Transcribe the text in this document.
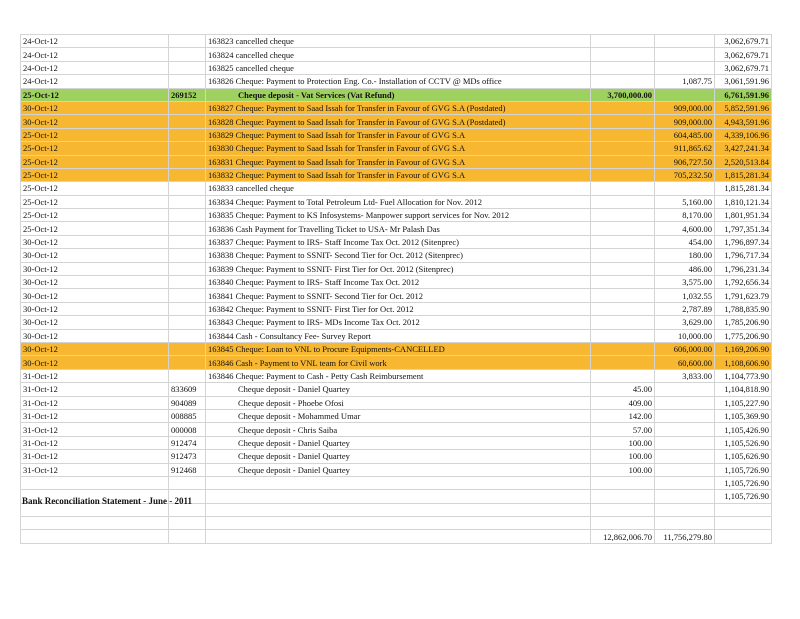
24-Oct-12		163823 cancelled cheque			3,062,679.71
24-Oct-12		163824 cancelled cheque			3,062,679.71
24-Oct-12		163825 cancelled cheque			3,062,679.71
24-Oct-12		163826 Cheque: Payment to Protection Eng. Co.- Installation of CCTV @ MDs office		1,087.75	3,061,591.96
25-Oct-12	269152	Cheque deposit - Vat Services (Vat Refund)	3,700,000.00		6,761,591.96
30-Oct-12		163827 Cheque: Payment to Saad Issah for Transfer in Favour of GVG S.A (Postdated)		909,000.00	5,852,591.96
30-Oct-12		163828 Cheque: Payment to Saad Issah for Transfer in Favour of GVG S.A (Postdated)		909,000.00	4,943,591.96
25-Oct-12		163829 Cheque: Payment to Saad Issah for Transfer in Favour of GVG S.A		604,485.00	4,339,106.96
25-Oct-12		163830 Cheque: Payment to Saad Issah for Transfer in Favour of GVG S.A		911,865.62	3,427,241.34
25-Oct-12		163831 Cheque: Payment to Saad Issah for Transfer in Favour of GVG S.A		906,727.50	2,520,513.84
25-Oct-12		163832 Cheque: Payment to Saad Issah for Transfer in Favour of GVG S.A		705,232.50	1,815,281.34
25-Oct-12		163833 cancelled cheque			1,815,281.34
25-Oct-12		163834 Cheque: Payment to Total Petroleum Ltd- Fuel Allocation for Nov. 2012		5,160.00	1,810,121.34
25-Oct-12		163835 Cheque: Payment to KS Infosystems- Manpower support services for Nov. 2012		8,170.00	1,801,951.34
25-Oct-12		163836 Cash Payment for Travelling Ticket to USA- Mr Palash Das		4,600.00	1,797,351.34
30-Oct-12		163837 Cheque: Payment to IRS- Staff Income Tax Oct. 2012 (Sitenprec)		454.00	1,796,897.34
30-Oct-12		163838 Cheque: Payment to SSNIT- Second Tier for Oct. 2012 (Sitenprec)		180.00	1,796,717.34
30-Oct-12		163839 Cheque: Payment to SSNIT- First Tier for Oct. 2012 (Sitenprec)		486.00	1,796,231.34
30-Oct-12		163840 Cheque: Payment to IRS- Staff Income Tax Oct. 2012		3,575.00	1,792,656.34
30-Oct-12		163841 Cheque: Payment to SSNIT- Second Tier for Oct. 2012		1,032.55	1,791,623.79
30-Oct-12		163842 Cheque: Payment to SSNIT- First Tier for Oct. 2012		2,787.89	1,788,835.90
30-Oct-12		163843 Cheque: Payment to IRS- MDs Income Tax Oct. 2012		3,629.00	1,785,206.90
30-Oct-12		163844 Cash - Consultancy Fee- Survey Report		10,000.00	1,775,206.90
30-Oct-12		163845 Cheque: Loan to VNL to Procure Equipments-CANCELLED		606,000.00	1,169,206.90
30-Oct-12		163846 Cash - Payment to VNL team for Civil work		60,600.00	1,108,606.90
31-Oct-12		163846 Cheque: Payment to Cash - Petty Cash Reimbursement		3,833.00	1,104,773.90
31-Oct-12	833609	Cheque deposit - Daniel Quartey	45.00		1,104,818.90
31-Oct-12	904089	Cheque deposit - Phoebe Ofosi	409.00		1,105,227.90
31-Oct-12	008885	Cheque deposit - Mohammed Umar	142.00		1,105,369.90
31-Oct-12	000008	Cheque deposit - Chris Saiba	57.00		1,105,426.90
31-Oct-12	912474	Cheque deposit - Daniel Quartey	100.00		1,105,526.90
31-Oct-12	912473	Cheque deposit - Daniel Quartey	100.00		1,105,626.90
31-Oct-12	912468	Cheque deposit - Daniel Quartey	100.00		1,105,726.90
					1,105,726.90
					1,105,726.90

			12,862,006.70	11,756,279.80	
Bank Reconciliation Statement - June - 2011
